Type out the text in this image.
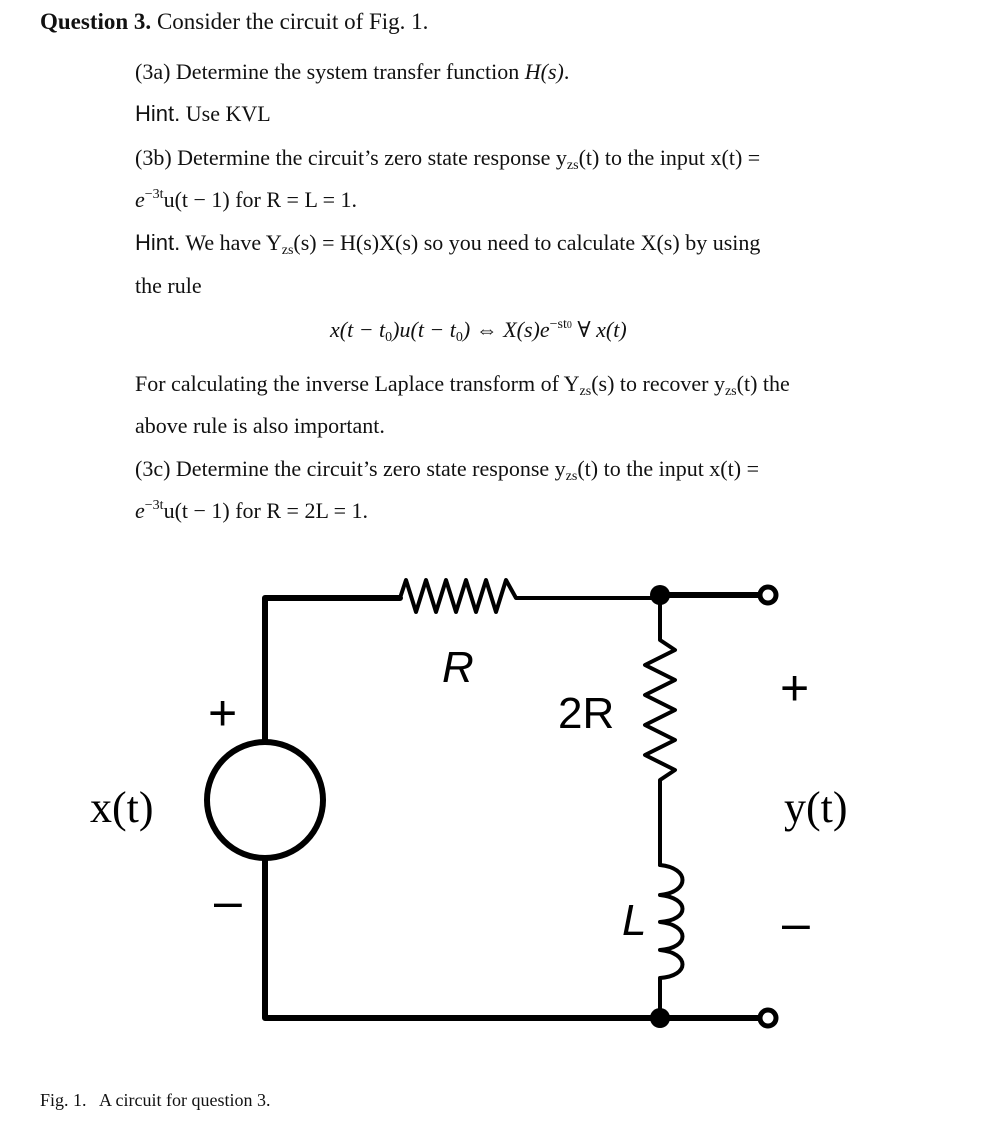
Question 3. Consider the circuit of Fig. 1.
(3a) Determine the system transfer function H(s).
Hint. Use KVL
(3b) Determine the circuit’s zero state response $y_{zs}(t)$ to the input x(t) =
$e^{-3t}u(t - 1)$ for R = L = 1.
Hint. We have $Y_{zs}(s) = H(s)X(s)$ so you need to calculate X(s) by using
the rule
$x(t - t_0)u(t - t_0)$ ⇔ $X(s)e^{-st0}$ ∀ x(t)
For calculating the inverse Laplace transform of $Y_{zs}(s)$ to recover $y_{zs}(t)$ the
above rule is also important.
(3c) Determine the circuit’s zero state response $y_{zs}(t)$ to the input x(t) =
$e^{-3t}u(t - 1)$ for R = 2L = 1.
R
2R
L
+
–
+
–
x(t)	y(t)
Fig. 1.   A circuit for question 3.
